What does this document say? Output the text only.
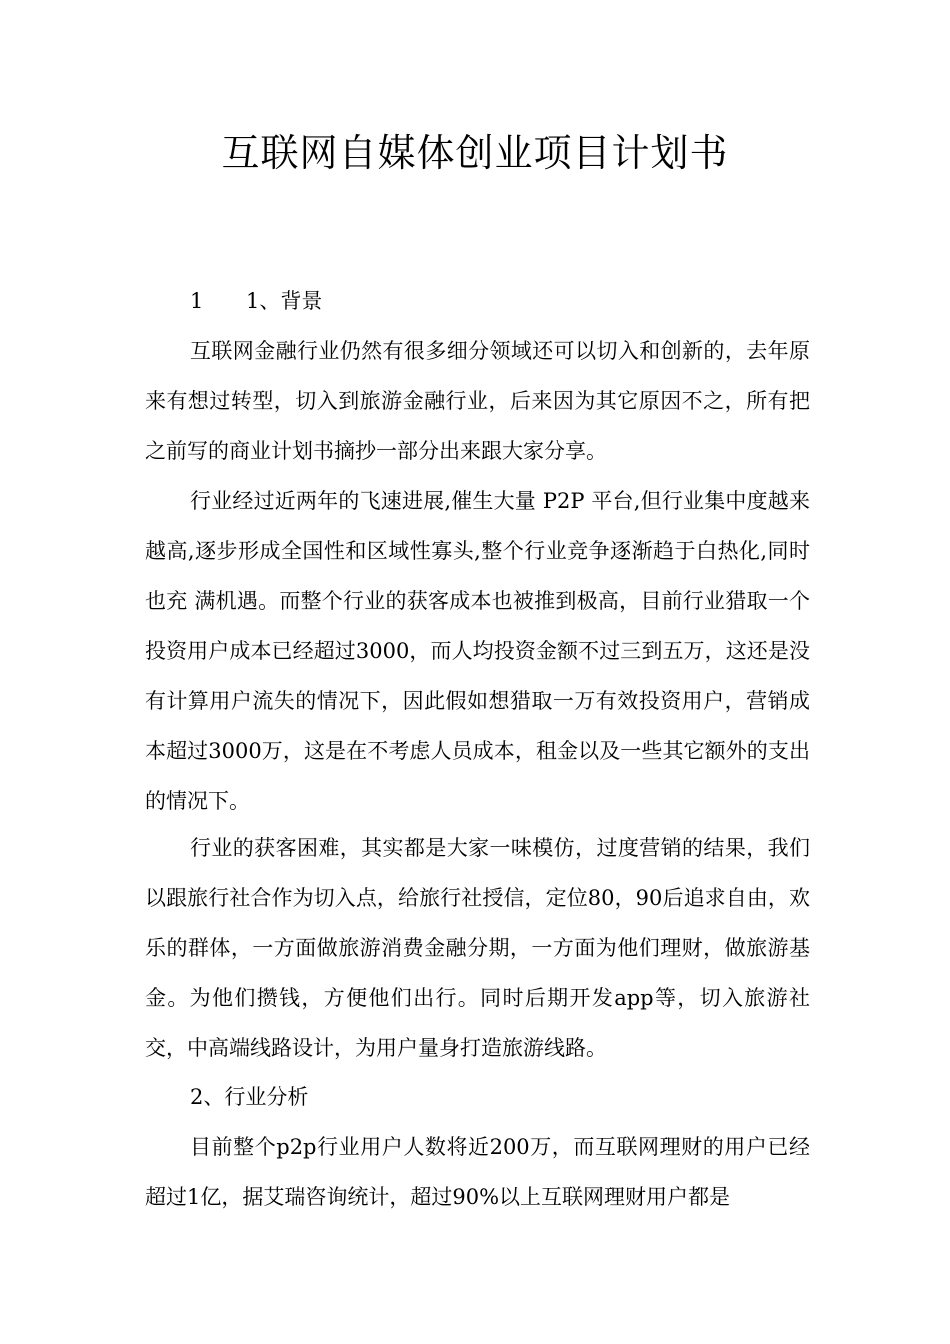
互联网自媒体创业项目计划书
1 1、背景

互联网金融行业仍然有很多细分领域还可以切入和创新的，去年原来有想过转型，切入到旅游金融行业，后来因为其它原因不之，所有把之前写的商业计划书摘抄一部分出来跟大家分享。

行业经过近两年的飞速进展,催生大量 P2P 平台,但行业集中度越来 越高,逐步形成全国性和区域性寡头,整个行业竞争逐渐趋于白热化,同时也充 满机遇。而整个行业的获客成本也被推到极高，目前行业猎取一个投资用户成本已经超过3000，而人均投资金额不过三到五万，这还是没有计算用户流失的情况下，因此假如想猎取一万有效投资用户，营销成本超过3000万，这是在不考虑人员成本，租金以及一些其它额外的支出的情况下。

行业的获客困难，其实都是大家一味模仿，过度营销的结果，我们以跟旅行社合作为切入点，给旅行社授信，定位80，90后追求自由，欢乐的群体，一方面做旅游消费金融分期，一方面为他们理财，做旅游基金。为他们攒钱，方便他们出行。同时后期开发app等，切入旅游社交，中高端线路设计，为用户量身打造旅游线路。

2、行业分析

目前整个p2p行业用户人数将近200万，而互联网理财的用户已经超过1亿，据艾瑞咨询统计，超过90%以上互联网理财用户都是
